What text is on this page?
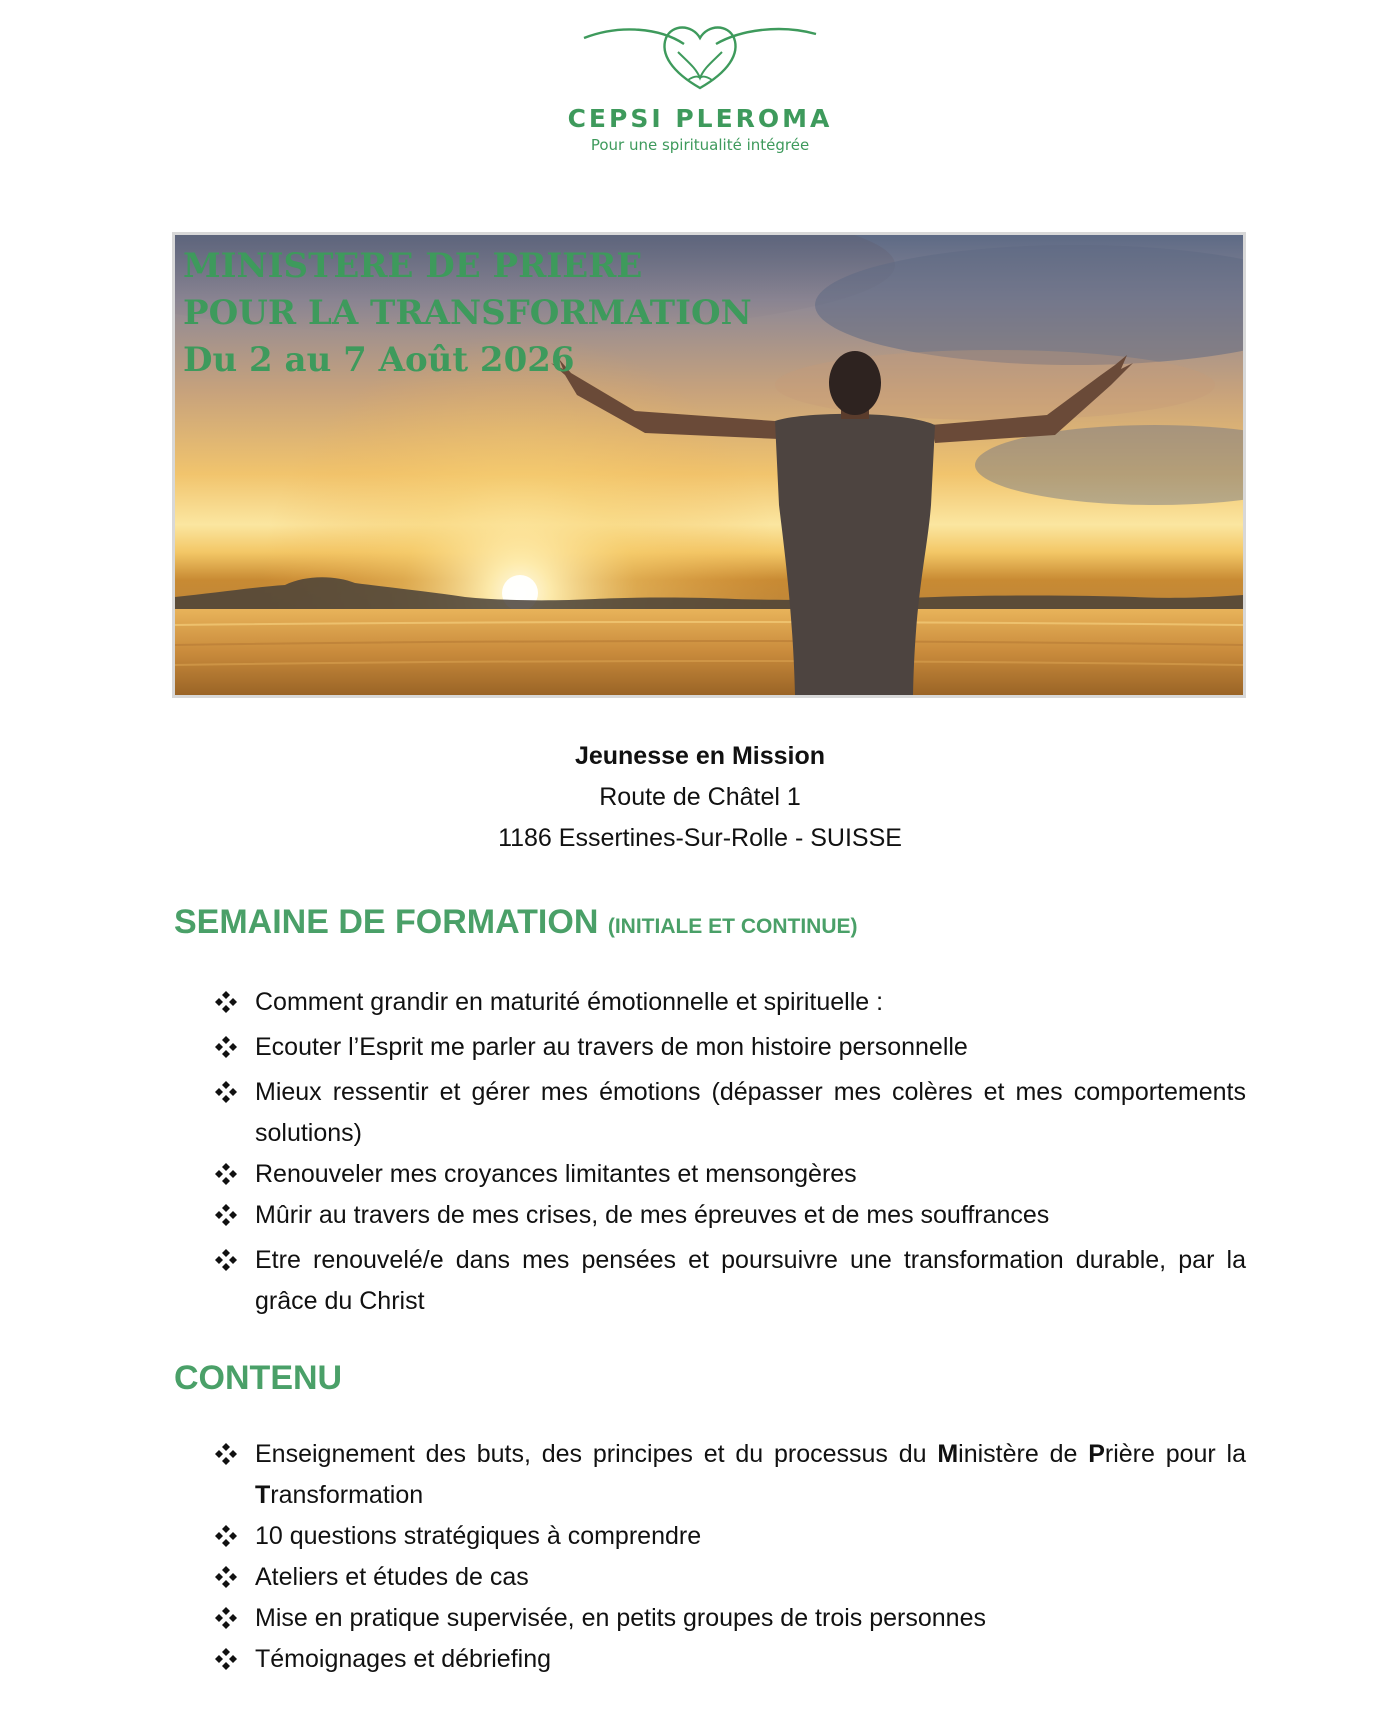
CEPSI PLEROMA
Pour une spiritualité intégrée
MINISTERE DE PRIERE
POUR LA TRANSFORMATION
Du 2 au 7 Août 2026
Jeunesse en Mission
Route de Châtel 1
1186 Essertines-Sur-Rolle - SUISSE
SEMAINE DE FORMATION (INITIALE ET CONTINUE)
Comment grandir en maturité émotionnelle et spirituelle :
Ecouter l’Esprit me parler au travers de mon histoire personnelle
Mieux ressentir et gérer mes émotions (dépasser mes colères et mes comportements solutions)
Renouveler mes croyances limitantes et mensongères
Mûrir au travers de mes crises, de mes épreuves et de mes souffrances
Etre renouvelé/e dans mes pensées et poursuivre une transformation durable, par la grâce du Christ
CONTENU
Enseignement des buts, des principes et du processus du Ministère de Prière pour la Transformation
10 questions stratégiques à comprendre
Ateliers et études de cas
Mise en pratique supervisée, en petits groupes de trois personnes
Témoignages et débriefing
